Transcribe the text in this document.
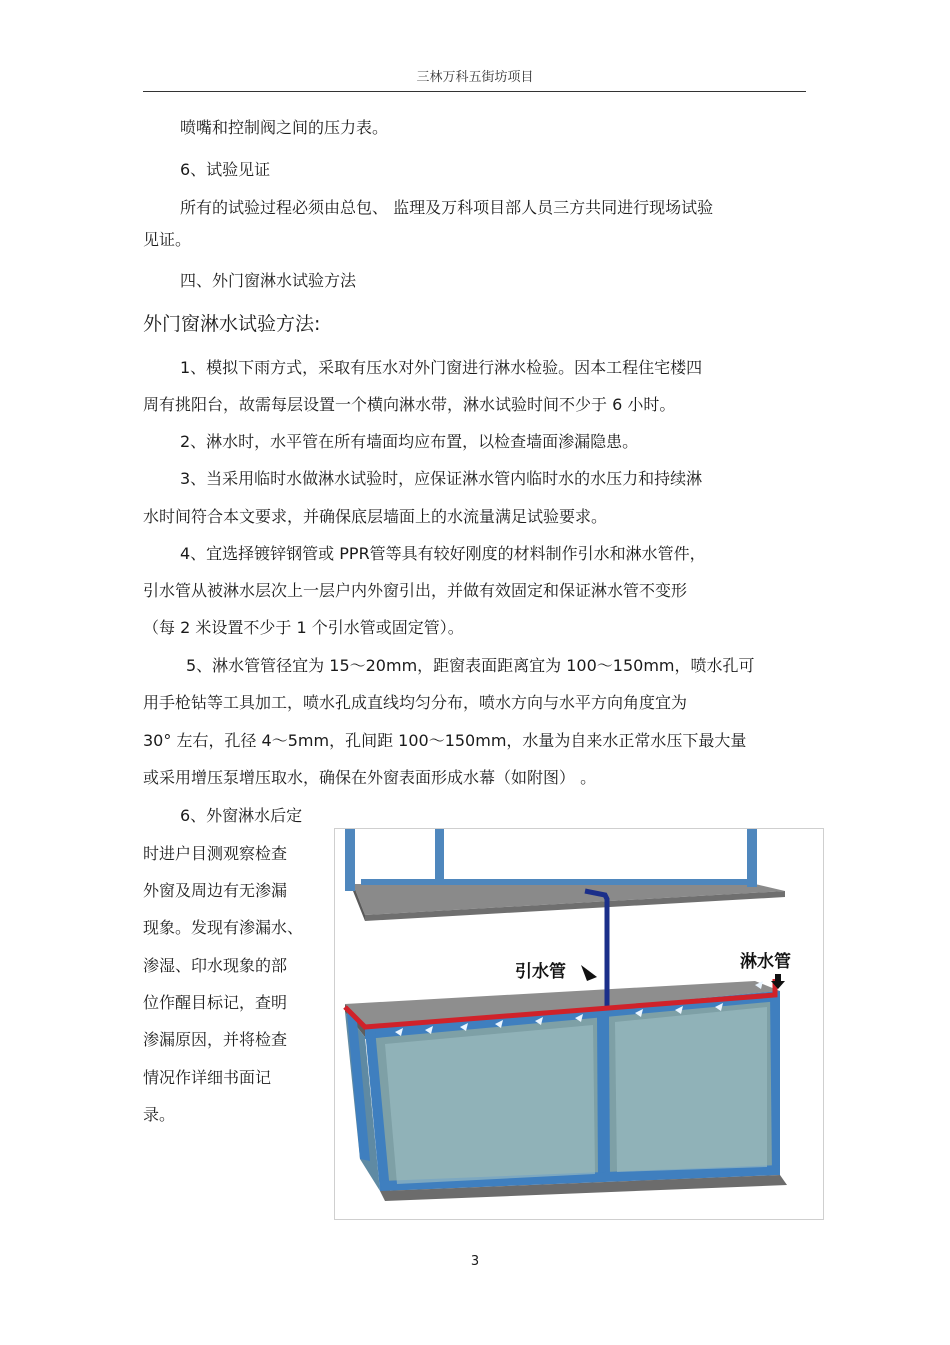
三林万科五街坊项目
喷嘴和控制阀之间的压力表。
6、试验见证
所有的试验过程必须由总包、 监理及万科项目部人员三方共同进行现场试验
见证。
四、外门窗淋水试验方法
外门窗淋水试验方法:
1、模拟下雨方式，采取有压水对外门窗进行淋水检验。因本工程住宅楼四
周有挑阳台，故需每层设置一个横向淋水带，淋水试验时间不少于 6 小时。
2、淋水时，水平管在所有墙面均应布置，以检查墙面渗漏隐患。
3、当采用临时水做淋水试验时，应保证淋水管内临时水的水压力和持续淋
水时间符合本文要求，并确保底层墙面上的水流量满足试验要求。
4、宜选择镀锌钢管或 PPR管等具有较好刚度的材料制作引水和淋水管件，
引水管从被淋水层次上一层户内外窗引出，并做有效固定和保证淋水管不变形
（每 2 米设置不少于 1 个引水管或固定管）。
5、淋水管管径宜为 15～20mm，距窗表面距离宜为 100～150mm，喷水孔可
用手枪钻等工具加工，喷水孔成直线均匀分布，喷水方向与水平方向角度宜为
30° 左右，孔径 4～5mm，孔间距 100～150mm，水量为自来水正常水压下最大量
或采用增压泵增压取水，确保在外窗表面形成水幕（如附图） 。
6、外窗淋水后定
时进户目测观察检查
外窗及周边有无渗漏
现象。发现有渗漏水、
渗湿、印水现象的部
位作醒目标记，查明
渗漏原因，并将检查
情况作详细书面记
录。
引水管	淋水管
3
